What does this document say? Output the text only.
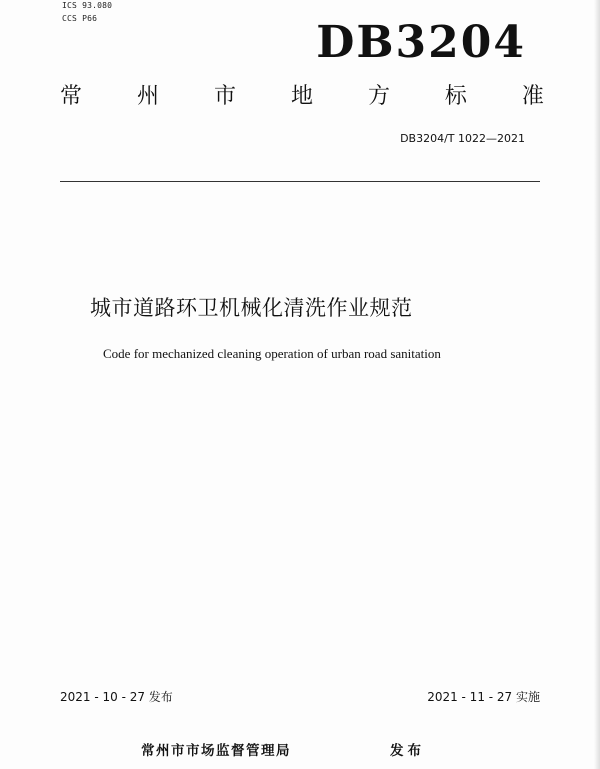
ICS 93.080
CCS P66	DB3204
常 州 市 地 方 标 准
DB3204/T 1022—2021
城市道路环卫机械化清洗作业规范
Code for mechanized cleaning operation of urban road sanitation
2021 - 10 - 27 发布	2021 - 11 - 27 实施
常州市市场监督管理局	发布
